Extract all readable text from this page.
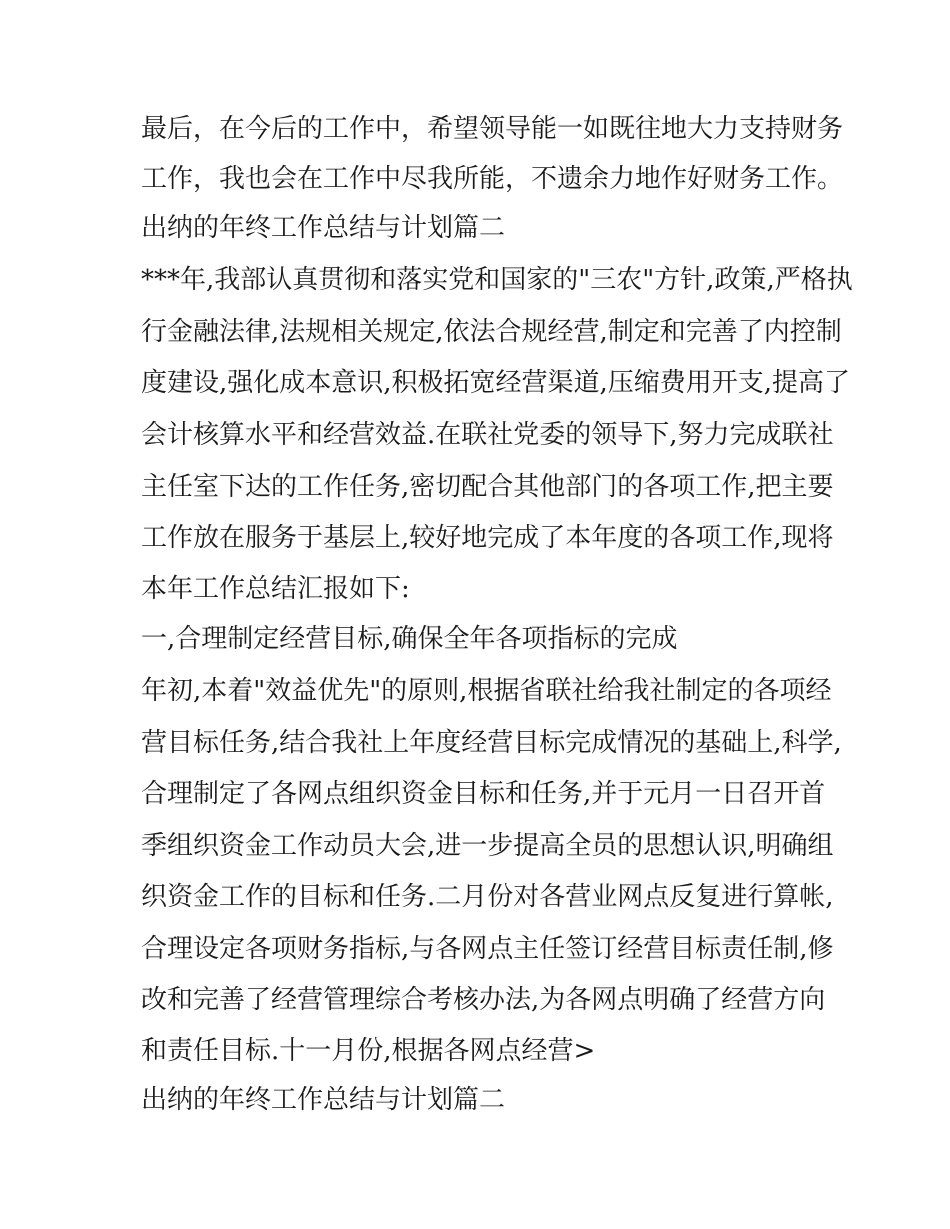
最后，在今后的工作中，希望领导能一如既往地大力支持财务
工作，我也会在工作中尽我所能，不遗余力地作好财务工作。
出纳的年终工作总结与计划篇二
***年,我部认真贯彻和落实党和国家的"三农"方针,政策,严格执
行金融法律,法规相关规定,依法合规经营,制定和完善了内控制
度建设,强化成本意识,积极拓宽经营渠道,压缩费用开支,提高了
会计核算水平和经营效益.在联社党委的领导下,努力完成联社
主任室下达的工作任务,密切配合其他部门的各项工作,把主要
工作放在服务于基层上,较好地完成了本年度的各项工作,现将
本年工作总结汇报如下:
一,合理制定经营目标,确保全年各项指标的完成
年初,本着"效益优先"的原则,根据省联社给我社制定的各项经
营目标任务,结合我社上年度经营目标完成情况的基础上,科学,
合理制定了各网点组织资金目标和任务,并于元月一日召开首
季组织资金工作动员大会,进一步提高全员的思想认识,明确组
织资金工作的目标和任务.二月份对各营业网点反复进行算帐,
合理设定各项财务指标,与各网点主任签订经营目标责任制,修
改和完善了经营管理综合考核办法,为各网点明确了经营方向
和责任目标.十一月份,根据各网点经营>
出纳的年终工作总结与计划篇二
